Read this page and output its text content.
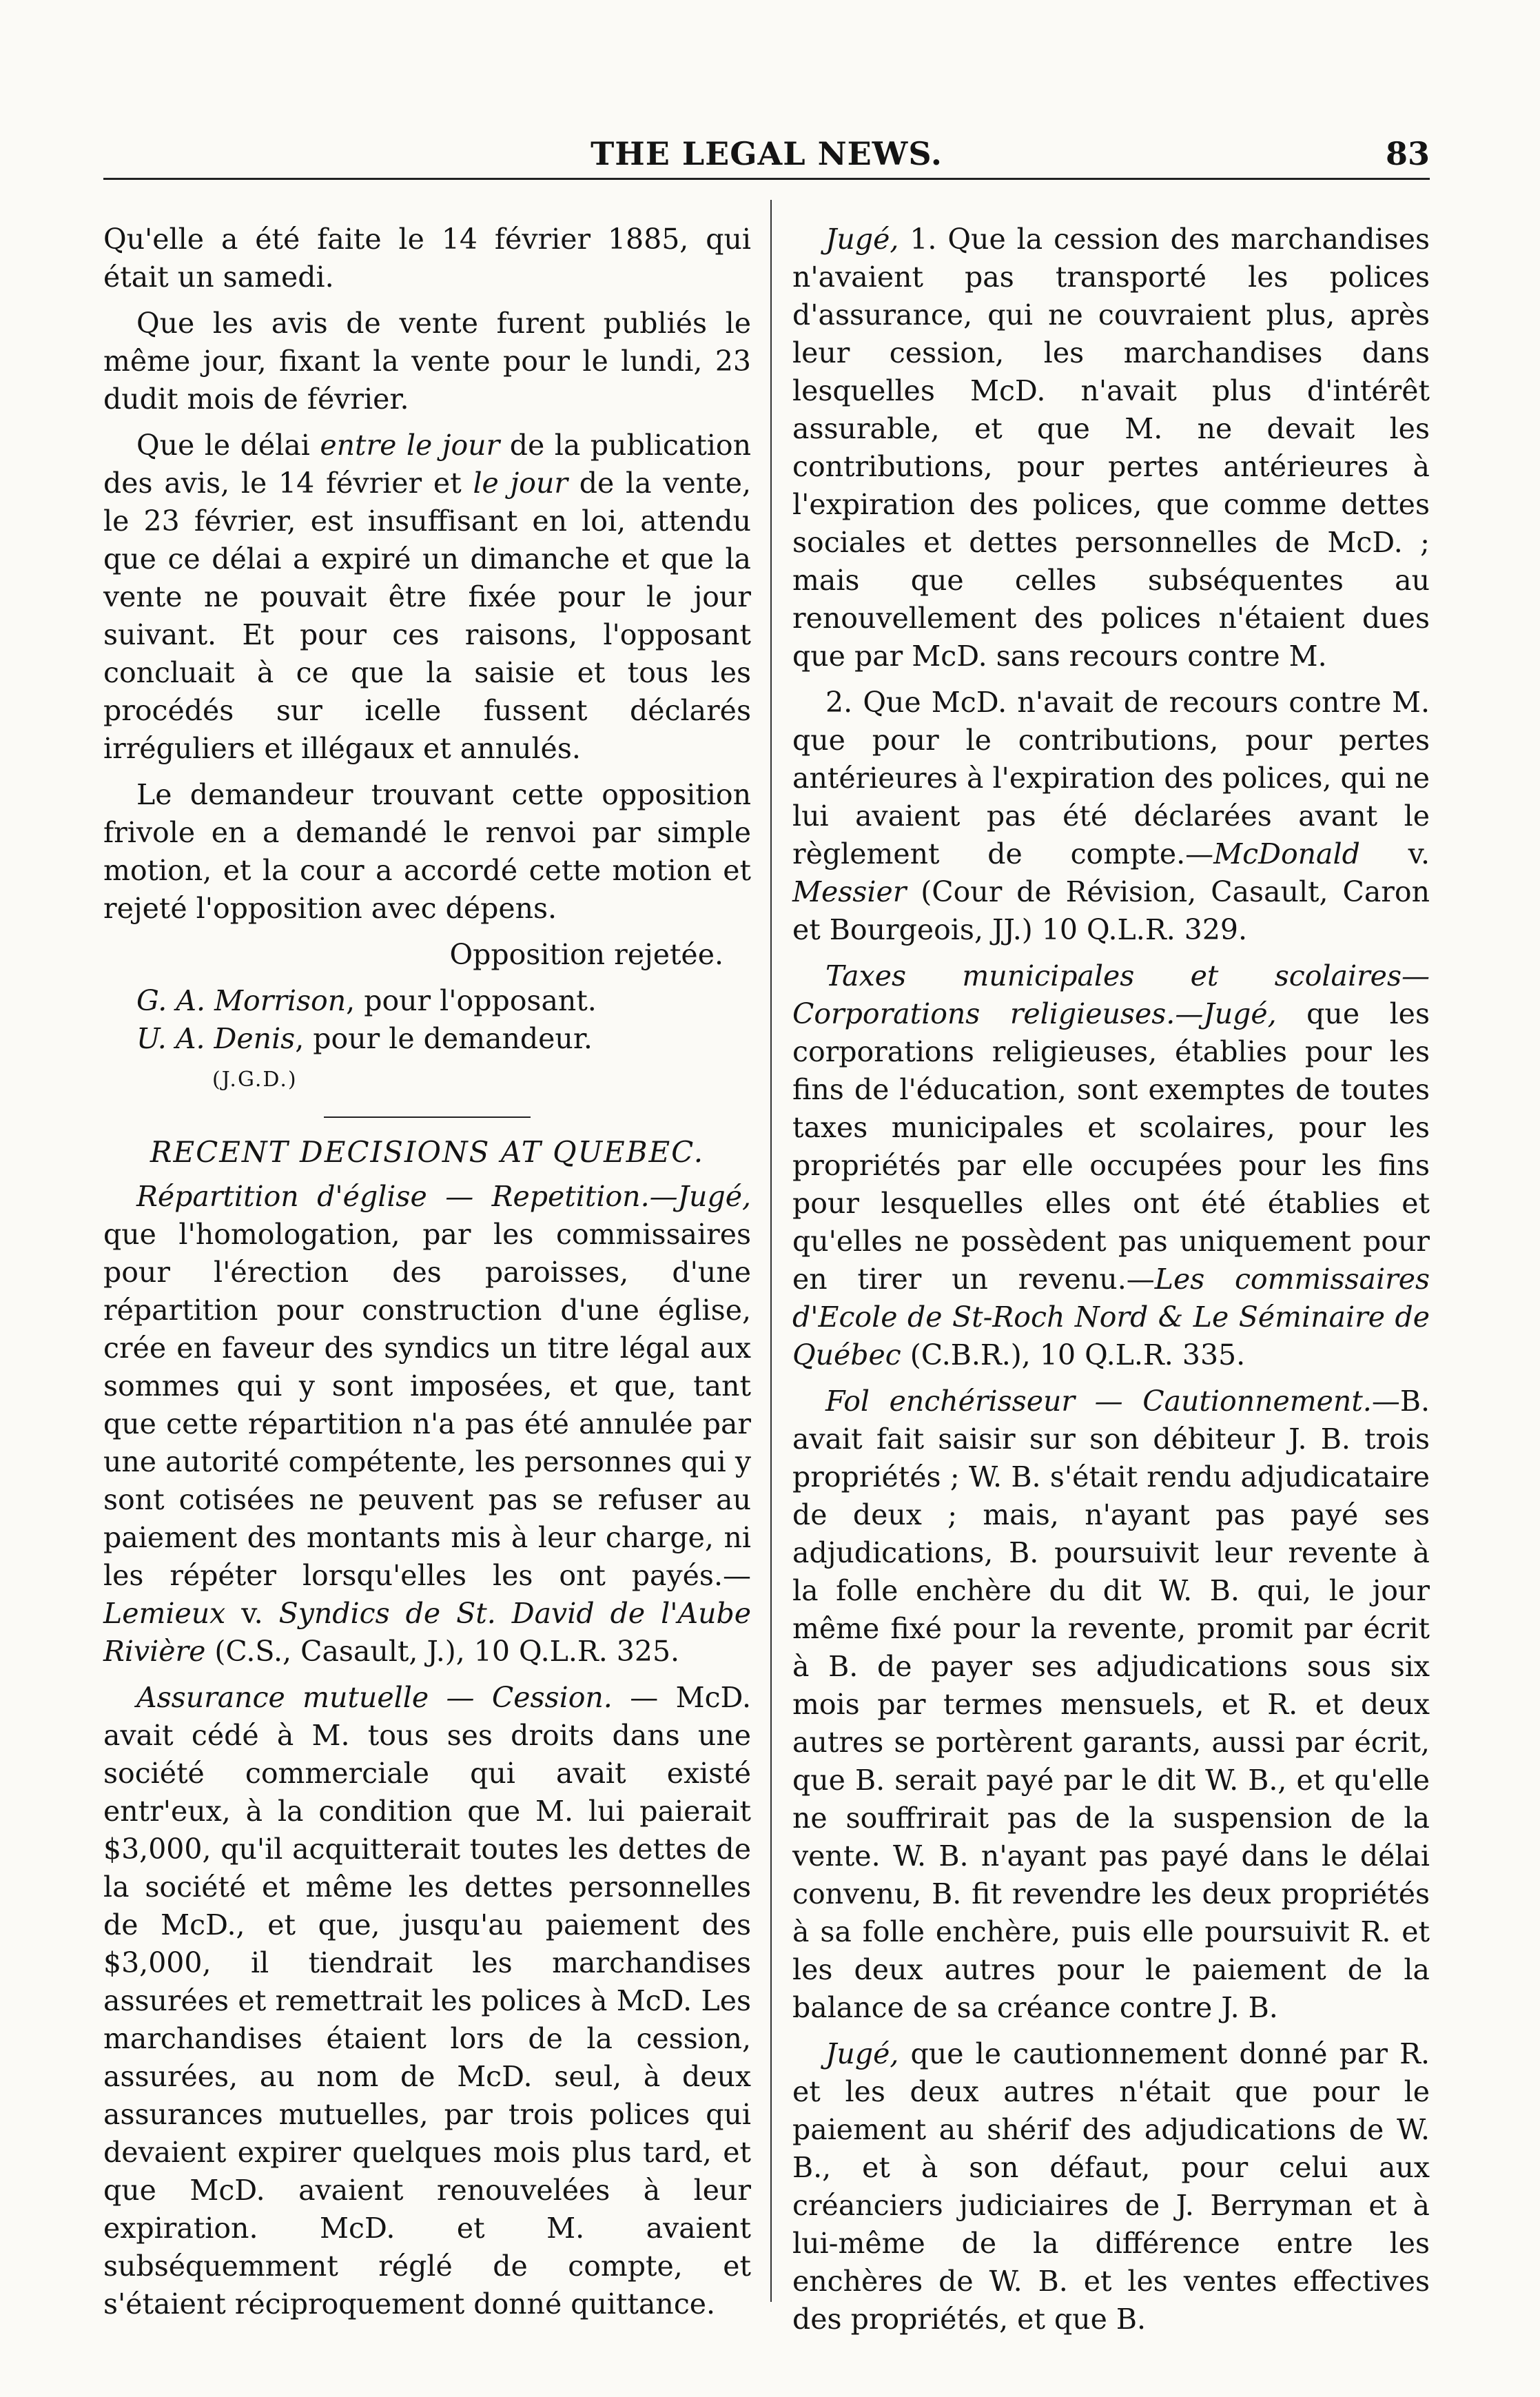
THE LEGAL NEWS.	83

Qu'elle a été faite le 14 février 1885, qui était un samedi.

Que les avis de vente furent publiés le même jour, fixant la vente pour le lundi, 23 dudit mois de février.

Que le délai entre le jour de la publication des avis, le 14 février et le jour de la vente, le 23 février, est insuffisant en loi, attendu que ce délai a expiré un dimanche et que la vente ne pouvait être fixée pour le jour suivant. Et pour ces raisons, l'opposant concluait à ce que la saisie et tous les procédés sur icelle fussent déclarés irréguliers et illégaux et annulés.

Le demandeur trouvant cette opposition frivole en a demandé le renvoi par simple motion, et la cour a accordé cette motion et rejeté l'opposition avec dépens.

Opposition rejetée.

G. A. Morrison, pour l'opposant.

U. A. Denis, pour le demandeur.

(J.G.D.)

RECENT DECISIONS AT QUEBEC.

Répartition d'église — Repetition.—Jugé, que l'homologation, par les commissaires pour l'érection des paroisses, d'une répartition pour construction d'une église, crée en faveur des syndics un titre légal aux sommes qui y sont imposées, et que, tant que cette répartition n'a pas été annulée par une autorité compétente, les personnes qui y sont cotisées ne peuvent pas se refuser au paiement des montants mis à leur charge, ni les répéter lorsqu'elles les ont payés.—Lemieux v. Syndics de St. David de l'Aube Rivière (C.S., Casault, J.), 10 Q.L.R. 325.

Assurance mutuelle — Cession. — McD. avait cédé à M. tous ses droits dans une société commerciale qui avait existé entr'eux, à la condition que M. lui paierait $3,000, qu'il acquitterait toutes les dettes de la société et même les dettes personnelles de McD., et que, jusqu'au paiement des $3,000, il tiendrait les marchandises assurées et remettrait les polices à McD. Les marchandises étaient lors de la cession, assurées, au nom de McD. seul, à deux assurances mutuelles, par trois polices qui devaient expirer quelques mois plus tard, et que McD. avaient renouvelées à leur expiration. McD. et M. avaient subséquemment réglé de compte, et s'étaient réciproquement donné quittance.

Jugé, 1. Que la cession des marchandises n'avaient pas transporté les polices d'assurance, qui ne couvraient plus, après leur cession, les marchandises dans lesquelles McD. n'avait plus d'intérêt assurable, et que M. ne devait les contributions, pour pertes antérieures à l'expiration des polices, que comme dettes sociales et dettes personnelles de McD. ; mais que celles subséquentes au renouvellement des polices n'étaient dues que par McD. sans recours contre M.

2. Que McD. n'avait de recours contre M. que pour le contributions, pour pertes antérieures à l'expiration des polices, qui ne lui avaient pas été déclarées avant le règlement de compte.—McDonald v. Messier (Cour de Révision, Casault, Caron et Bourgeois, JJ.) 10 Q.L.R. 329.

Taxes municipales et scolaires—Corporations religieuses.—Jugé, que les corporations religieuses, établies pour les fins de l'éducation, sont exemptes de toutes taxes municipales et scolaires, pour les propriétés par elle occupées pour les fins pour lesquelles elles ont été établies et qu'elles ne possèdent pas uniquement pour en tirer un revenu.—Les commissaires d'Ecole de St-Roch Nord & Le Séminaire de Québec (C.B.R.), 10 Q.L.R. 335.

Fol enchérisseur — Cautionnement.—B. avait fait saisir sur son débiteur J. B. trois propriétés ; W. B. s'était rendu adjudicataire de deux ; mais, n'ayant pas payé ses adjudications, B. poursuivit leur revente à la folle enchère du dit W. B. qui, le jour même fixé pour la revente, promit par écrit à B. de payer ses adjudications sous six mois par termes mensuels, et R. et deux autres se portèrent garants, aussi par écrit, que B. serait payé par le dit W. B., et qu'elle ne souffrirait pas de la suspension de la vente. W. B. n'ayant pas payé dans le délai convenu, B. fit revendre les deux propriétés à sa folle enchère, puis elle poursuivit R. et les deux autres pour le paiement de la balance de sa créance contre J. B.

Jugé, que le cautionnement donné par R. et les deux autres n'était que pour le paiement au shérif des adjudications de W. B., et à son défaut, pour celui aux créanciers judiciaires de J. Berryman et à lui-même de la différence entre les enchères de W. B. et les ventes effectives des propriétés, et que B.
